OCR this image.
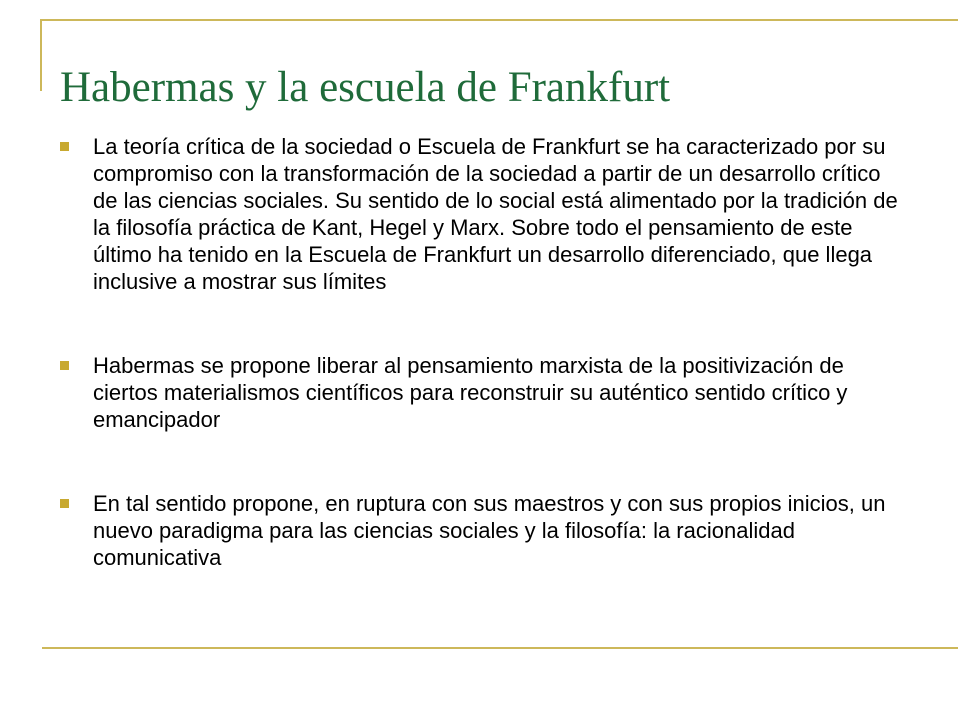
Habermas y la escuela de Frankfurt
La teoría crítica de la sociedad o Escuela de Frankfurt se ha caracterizado por su compromiso con la transformación de la sociedad a partir de un desarrollo crítico de las ciencias sociales. Su sentido de lo social está alimentado por la tradición de la filosofía práctica de Kant, Hegel y Marx. Sobre todo el pensamiento de este último ha tenido en la Escuela de Frankfurt un desarrollo diferenciado, que llega inclusive a mostrar sus límites
Habermas se propone liberar al pensamiento marxista de la positivización de ciertos materialismos científicos para reconstruir su auténtico sentido crítico y emancipador
En tal sentido propone, en ruptura con sus maestros y con sus propios inicios, un nuevo paradigma para las ciencias sociales y la filosofía: la racionalidad comunicativa
